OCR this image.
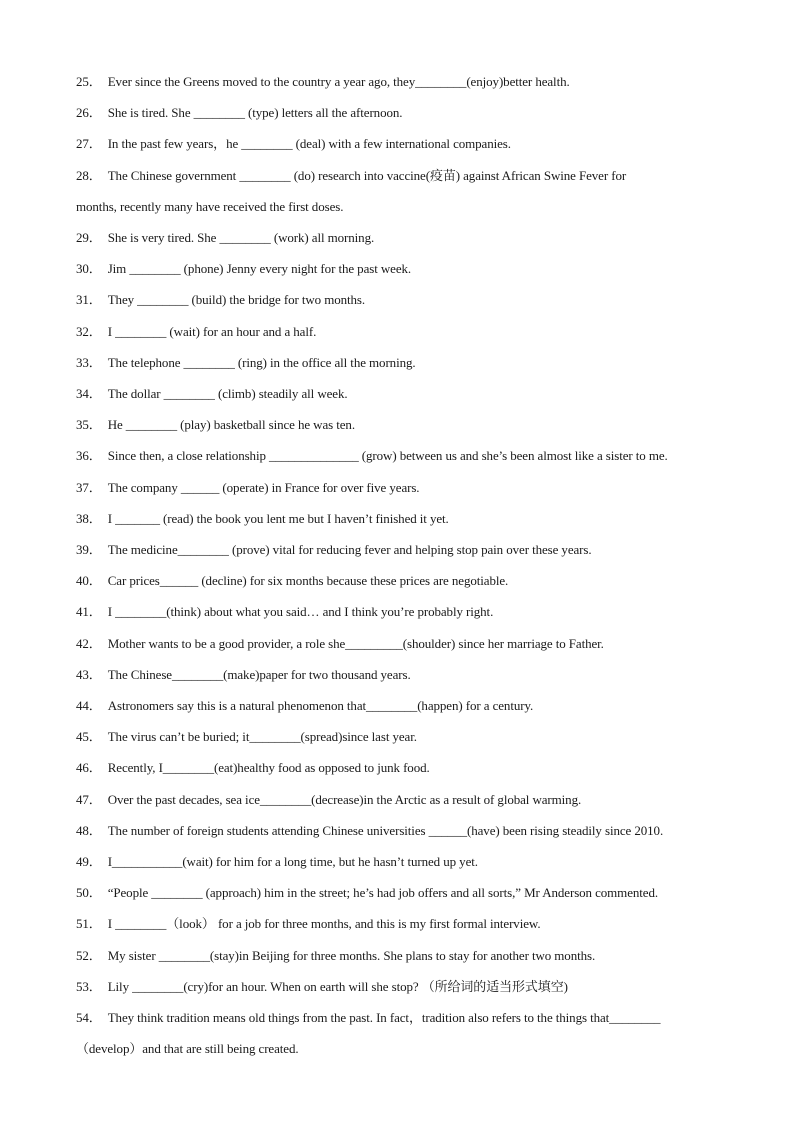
25． Ever since the Greens moved to the country a year ago, they________(enjoy)better health.
26． She is tired. She ________ (type) letters all the afternoon.
27． In the past few years，he ________ (deal) with a few international companies.
28． The Chinese government ________ (do) research into vaccine(疫苗) against African Swine Fever for
months, recently many have received the first doses.
29． She is very tired. She ________ (work) all morning.
30． Jim ________ (phone) Jenny every night for the past week.
31． They ________ (build) the bridge for two months.
32． I ________ (wait) for an hour and a half.
33． The telephone ________ (ring) in the office all the morning.
34． The dollar ________ (climb) steadily all week.
35． He ________ (play) basketball since he was ten.
36． Since then, a close relationship ______________ (grow) between us and she’s been almost like a sister to me.
37． The company ______ (operate) in France for over five years.
38． I _______ (read) the book you lent me but I haven’t finished it yet.
39． The medicine________ (prove) vital for reducing fever and helping stop pain over these years.
40． Car prices______ (decline) for six months because these prices are negotiable.
41． I ________(think) about what you said… and I think you’re probably right.
42． Mother wants to be a good provider, a role she_________(shoulder) since her marriage to Father.
43． The Chinese________(make)paper for two thousand years.
44． Astronomers say this is a natural phenomenon that________(happen) for a century.
45． The virus can’t be buried; it________(spread)since last year.
46． Recently, I________(eat)healthy food as opposed to junk food.
47． Over the past decades, sea ice________(decrease)in the Arctic as a result of global warming.
48． The number of foreign students attending Chinese universities ______(have) been rising steadily since 2010.
49． I___________(wait) for him for a long time, but he hasn’t turned up yet.
50． “People ________ (approach) him in the street; he’s had job offers and all sorts,” Mr Anderson commented.
51． I ________（look） for a job for three months, and this is my first formal interview.
52． My sister ________(stay)in Beijing for three months. She plans to stay for another two months.
53． Lily ________(cry)for an hour. When on earth will she stop? （所给词的适当形式填空)
54． They think tradition means old things from the past. In fact，tradition also refers to the things that________
（develop）and that are still being created.
